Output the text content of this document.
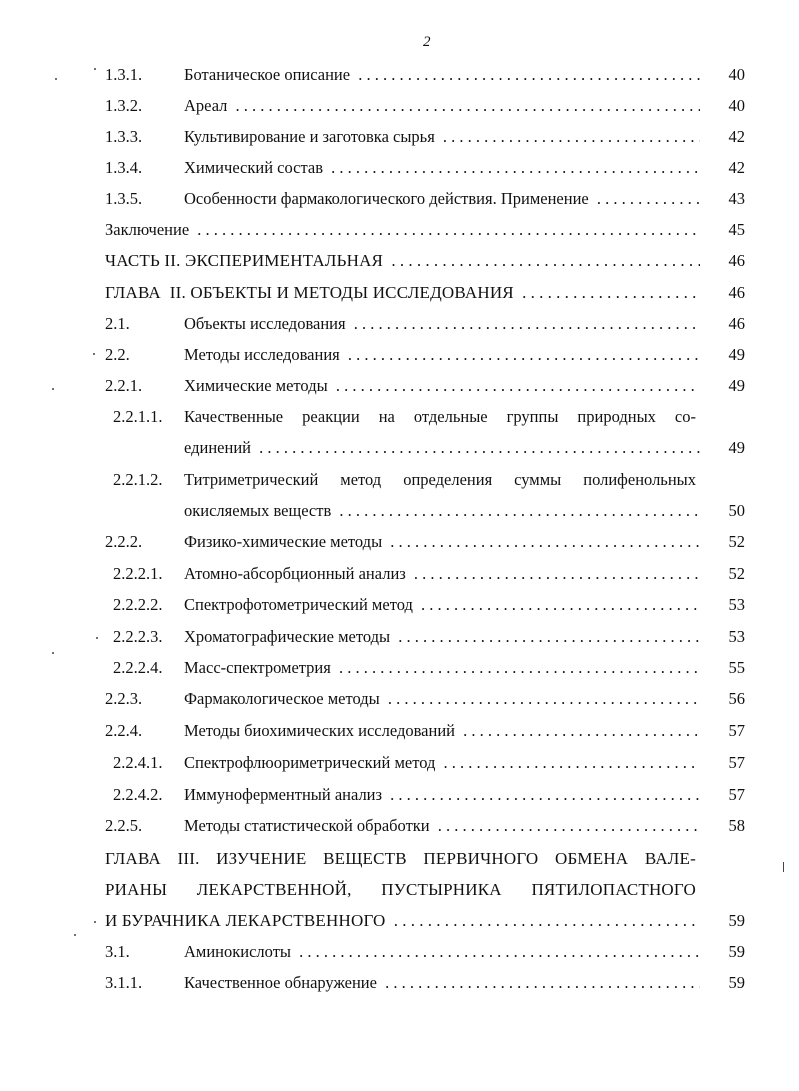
2
1.3.1.	Ботаническое описание . . .	40
1.3.2.	Ареал . . .	40
1.3.3.	Культивирование и заготовка сырья . . .	42
1.3.4.	Химический состав . . .	42
1.3.5.	Особенности фармакологического действия. Применение . . .	43
Заключение . . .	45
ЧАСТЬ II. ЭКСПЕРИМЕНТАЛЬНАЯ . . .	46
ГЛАВА  II. ОБЪЕКТЫ И МЕТОДЫ ИССЛЕДОВАНИЯ . . .	46
2.1.	Объекты исследования . . .	46
2.2.	Методы исследования . . .	49
2.2.1.	Химические методы . . .	49
2.2.1.1. Качественные реакции на отдельные группы природных со-
единений . . .	49
2.2.1.2. Титриметрический метод определения суммы полифенольных
окисляемых веществ . . .	50
2.2.2.	Физико-химические методы . . .	52
2.2.2.1. Атомно-абсорбционный анализ . . .	52
2.2.2.2. Спектрофотометрический метод . . .	53
2.2.2.3. Хроматографические методы . . .	53
2.2.2.4. Масс-спектрометрия . . .	55
2.2.3.	Фармакологическое методы . . .	56
2.2.4.	Методы биохимических исследований . . .	57
2.2.4.1. Спектрофлюориметрический метод . . .	57
2.2.4.2. Иммуноферментный анализ . . .	57
2.2.5.	Методы статистической обработки . . .	58
ГЛАВА III. ИЗУЧЕНИЕ ВЕЩЕСТВ ПЕРВИЧНОГО ОБМЕНА ВАЛЕ-
РИАНЫ ЛЕКАРСТВЕННОЙ, ПУСТЫРНИКА ПЯТИЛОПАСТНОГО
И БУРАЧНИКА ЛЕКАРСТВЕННОГО . . .	59
3.1.	Аминокислоты . . .	59
3.1.1.	Качественное обнаружение . . .	59
